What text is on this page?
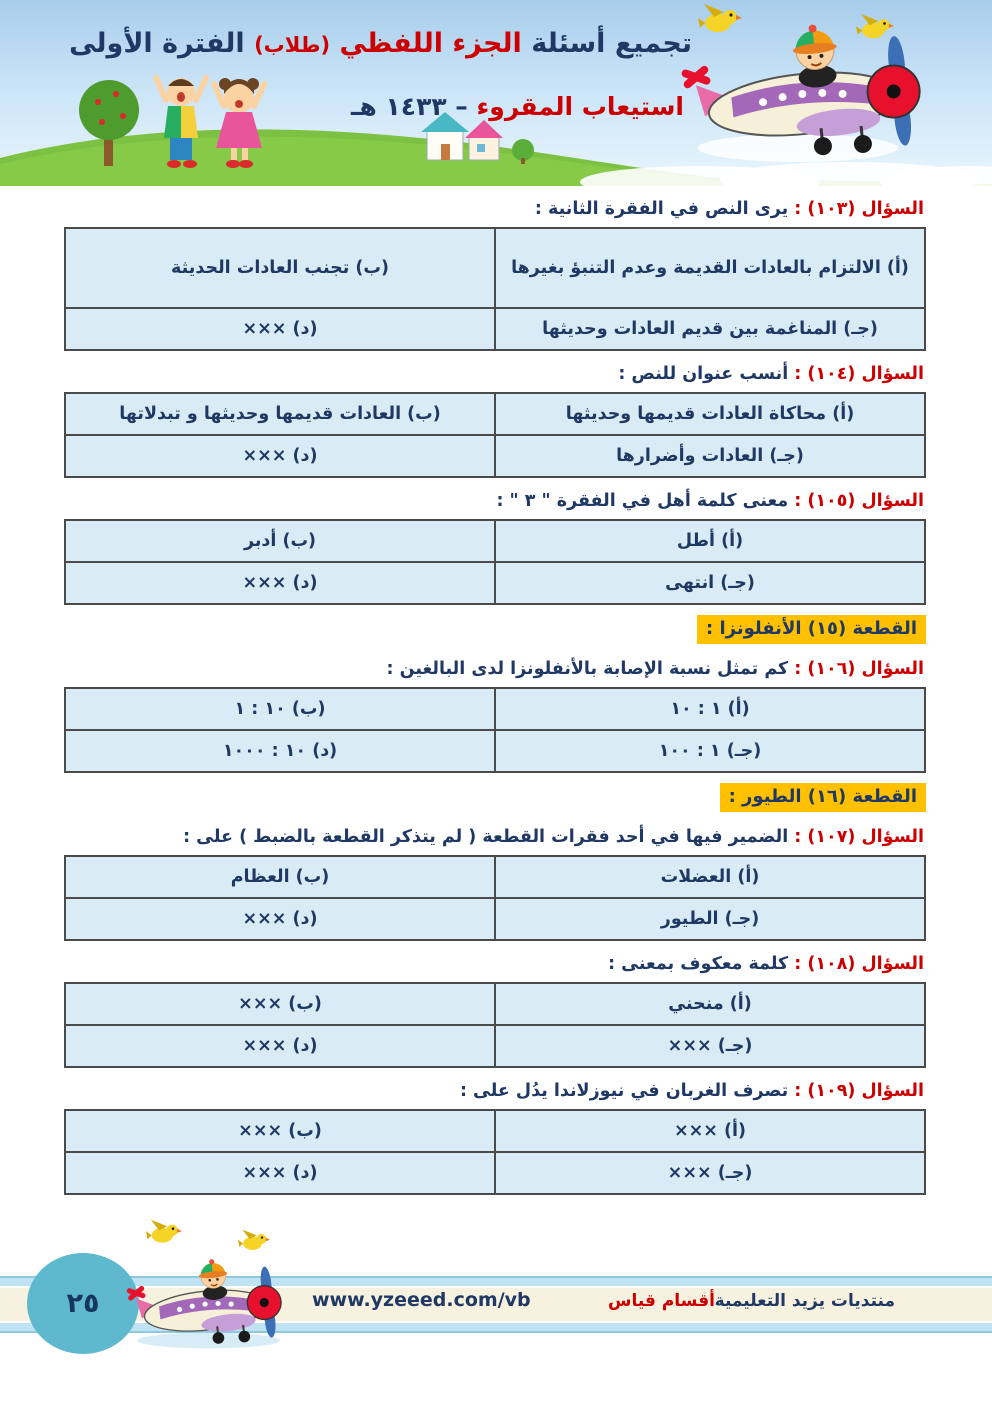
تجميع أسئلة الجزء اللفظي (طلاب) الفترة الأولى
استيعاب المقروء – ١٤٣٣ هـ
السؤال (١٠٣) :يرى النص في الفقرة الثانية :
(أ) الالتزام بالعادات القديمة وعدم التنبؤ بغيرها	(ب) تجنب العادات الحديثة
(جـ) المناغمة بين قديم العادات وحديثها	(د) ×××
السؤال (١٠٤) :أنسب عنوان للنص :
(أ) محاكاة العادات قديمها وحديثها	(ب) العادات قديمها وحديثها و تبدلاتها
(جـ) العادات وأضرارها	(د) ×××
السؤال (١٠٥) :معنى كلمة أهل في الفقرة " ٣ " :
(أ) أطل	(ب) أدبر
(جـ) انتهى	(د) ×××
القطعة (١٥) الأنفلونزا :
السؤال (١٠٦) :كم تمثل نسبة الإصابة بالأنفلونزا لدى البالغين :
(أ) ١ : ١٠	(ب) ١٠ : ١
(جـ) ١ : ١٠٠	(د) ١٠ : ١٠٠٠
القطعة (١٦) الطيور :
السؤال (١٠٧) :الضمير فيها في أحد فقرات القطعة ( لم يتذكر القطعة بالضبط ) على :
(أ) العضلات	(ب) العظام
(جـ) الطيور	(د) ×××
السؤال (١٠٨) :كلمة معكوف بمعنى :
(أ) منحني	(ب) ×××
(جـ) ×××	(د) ×××
السؤال (١٠٩) :تصرف الغربان في نيوزلاندا يدُل على :
(أ) ×××	(ب) ×××
(جـ) ×××	(د) ×××
www.yzeeed.com/vb	أقسام قياس منتديات يزيد التعليمية
٢٥
